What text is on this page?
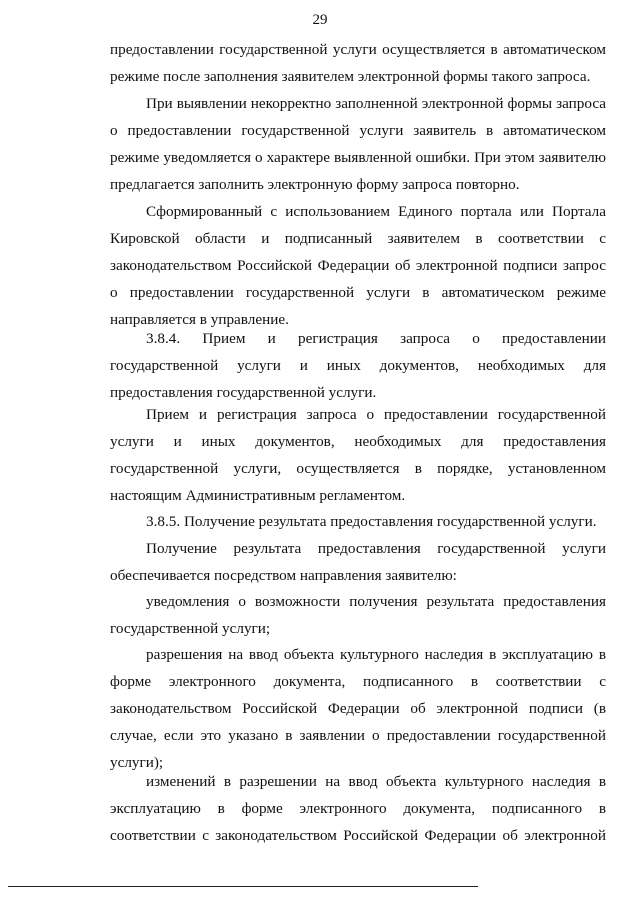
29

предоставлении государственной услуги осуществляется в автоматическом режиме после заполнения заявителем электронной формы такого запроса.

При выявлении некорректно заполненной электронной формы запроса о предоставлении государственной услуги заявитель в автоматическом режиме уведомляется о характере выявленной ошибки. При этом заявителю предлагается заполнить электронную форму запроса повторно.

Сформированный с использованием Единого портала или Портала Кировской области и подписанный заявителем в соответствии с законодательством Российской Федерации об электронной подписи запрос о предоставлении государственной услуги в автоматическом режиме направляется в управление.

3.8.4. Прием и регистрация запроса о предоставлении государственной услуги и иных документов, необходимых для предоставления государственной услуги.

Прием и регистрация запроса о предоставлении государственной услуги и иных документов, необходимых для предоставления государственной услуги, осуществляется в порядке, установленном настоящим Административным регламентом.

3.8.5. Получение результата предоставления государственной услуги.

Получение результата предоставления государственной услуги обеспечивается посредством направления заявителю:

уведомления о возможности получения результата предоставления государственной услуги;

разрешения на ввод объекта культурного наследия в эксплуатацию в форме электронного документа, подписанного в соответствии с законодательством Российской Федерации об электронной подписи (в случае, если это указано в заявлении о предоставлении государственной услуги);

изменений в разрешении на ввод объекта культурного наследия в эксплуатацию в форме электронного документа, подписанного в соответствии с законодательством Российской Федерации об электронной
